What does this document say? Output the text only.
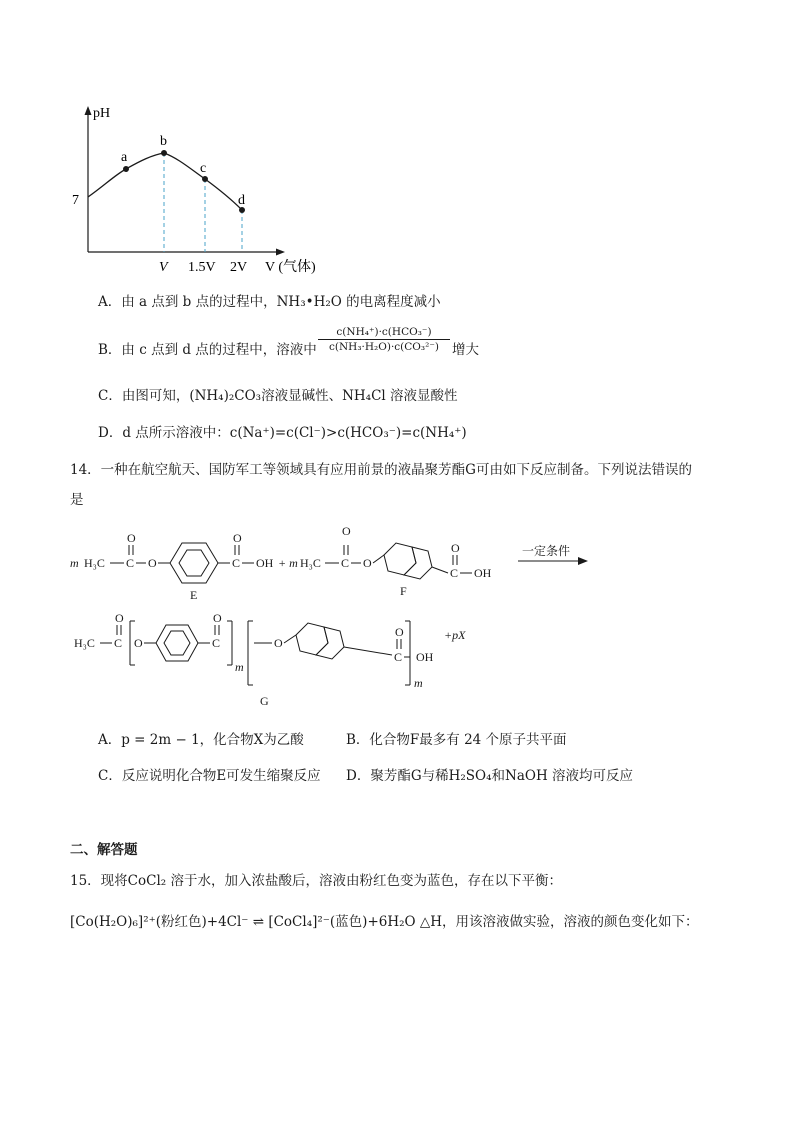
pH
7
a
b
c
d
V 1.5V 2V V (气体)
A．由 a 点到 b 点的过程中，NH₃•H₂O 的电离程度减小
B．由 c 点到 d 点的过程中，溶液中
c(NH₄⁺)·c(HCO₃⁻)
c(NH₃·H₂O)·c(CO₃²⁻) 增大
C．由图可知，(NH₄)₂CO₃溶液显碱性、NH₄Cl 溶液显酸性
D．d 点所示溶液中：c(Na⁺)=c(Cl⁻)>c(HCO₃⁻)=c(NH₄⁺)
14．一种在航空航天、国防军工等领域具有应用前景的液晶聚芳酯G可由如下反应制备。下列说法错误的
是
m H₃C C
O
O	C
O
OH
E
+ m H₃C C
O
O
C
O
OH
F
一定条件
H₃C C
O
O	C
O
m
O
C
O
m
OH
+pX
G
A．p = 2m − 1，化合物X为乙酸	B．化合物F最多有 24 个原子共平面
C．反应说明化合物E可发生缩聚反应 D．聚芳酯G与稀H₂SO₄和NaOH 溶液均可反应
二、解答题
15．现将CoCl₂ 溶于水，加入浓盐酸后，溶液由粉红色变为蓝色，存在以下平衡：
[Co(H₂O)₆]²⁺(粉红色)+4Cl⁻ ⇌ [CoCl₄]²⁻(蓝色)+6H₂O △H，用该溶液做实验，溶液的颜色变化如下：
